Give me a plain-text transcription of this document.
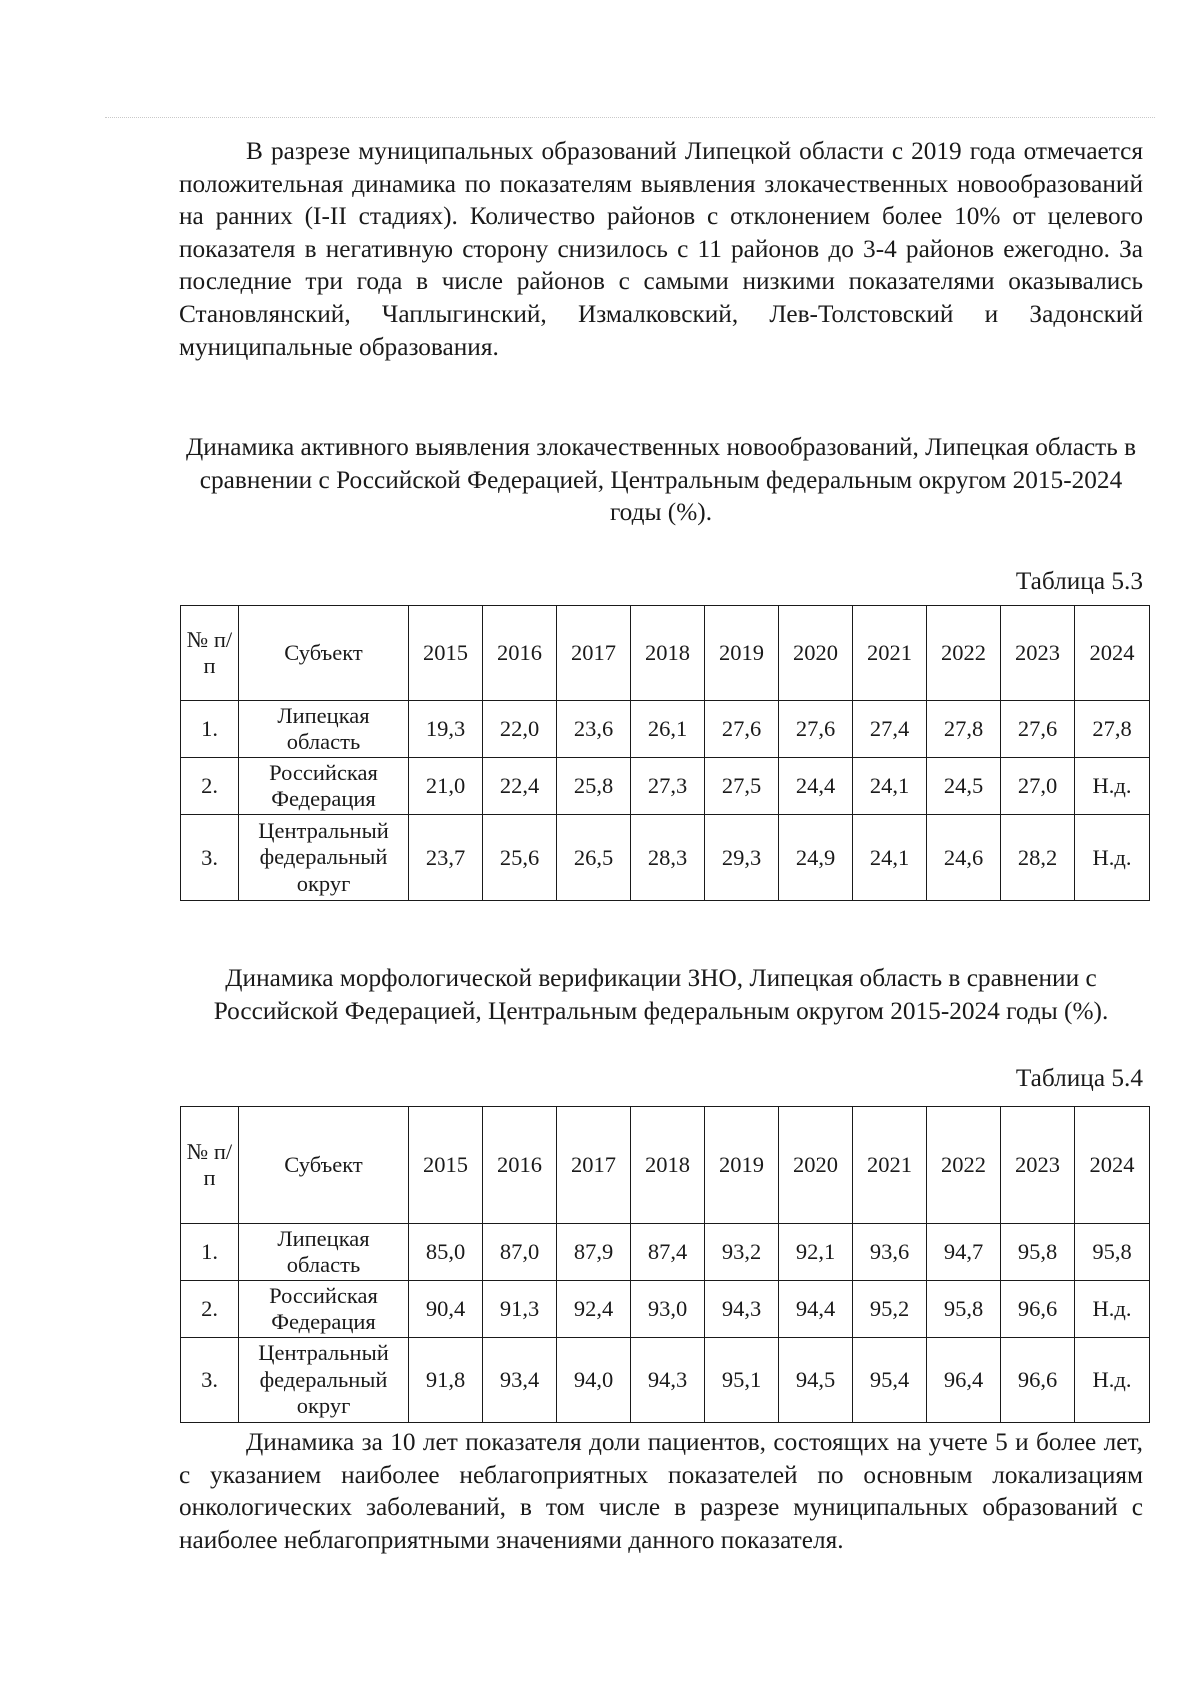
В разрезе муниципальных образований Липецкой области с 2019 года отмечается положительная динамика по показателям выявления злокачественных новообразований на ранних (I-II стадиях). Количество районов с отклонением более 10% от целевого показателя в негативную сторону снизилось с 11 районов до 3-4 районов ежегодно. За последние три года в числе районов с самыми низкими показателями оказывались Становлянский, Чаплыгинский, Измалковский, Лев-Толстовский и Задонский муниципальные образования.

Динамика активного выявления злокачественных новообразований, Липецкая область в сравнении с Российской Федерацией, Центральным федеральным округом 2015-2024 годы (%).

Таблица 5.3
№ п/п	Субъект	2015	2016	2017	2018	2019	2020	2021	2022	2023	2024
1.	Липецкая область	19,3	22,0	23,6	26,1	27,6	27,6	27,4	27,8	27,6	27,8
2.	Российская Федерация	21,0	22,4	25,8	27,3	27,5	24,4	24,1	24,5	27,0	Н.д.
3.	Центральный федеральный округ	23,7	25,6	26,5	28,3	29,3	24,9	24,1	24,6	28,2	Н.д.

Динамика морфологической верификации ЗНО, Липецкая область в сравнении с Российской Федерацией, Центральным федеральным округом 2015-2024 годы (%).

Таблица 5.4
№ п/п	Субъект	2015	2016	2017	2018	2019	2020	2021	2022	2023	2024
1.	Липецкая область	85,0	87,0	87,9	87,4	93,2	92,1	93,6	94,7	95,8	95,8
2.	Российская Федерация	90,4	91,3	92,4	93,0	94,3	94,4	95,2	95,8	96,6	Н.д.
3.	Центральный федеральный округ	91,8	93,4	94,0	94,3	95,1	94,5	95,4	96,4	96,6	Н.д.

Динамика за 10 лет показателя доли пациентов, состоящих на учете 5 и более лет, с указанием наиболее неблагоприятных показателей по основным локализациям онкологических заболеваний, в том числе в разрезе муниципальных образований с наиболее неблагоприятными значениями данного показателя.
